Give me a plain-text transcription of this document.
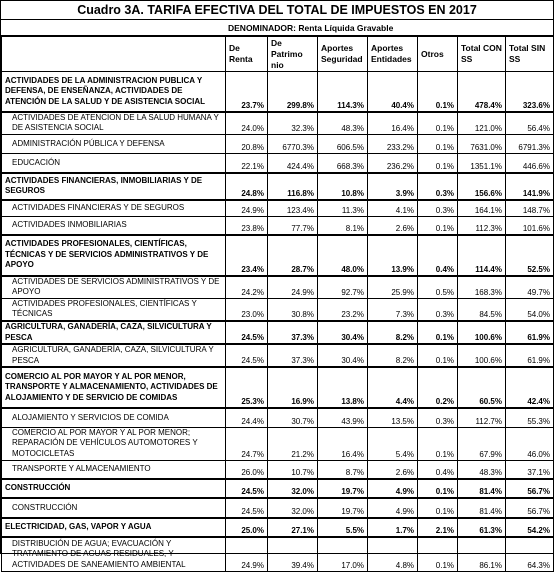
Cuadro 3A. TARIFA EFECTIVA DEL TOTAL DE IMPUESTOS EN 2017
DENOMINADOR: Renta Líquida Gravable
	De Renta	De Patrimo nio	Aportes Seguridad	Aportes Entidades	Otros	Total CON SS	Total SIN SS
ACTIVIDADES DE LA ADMINISTRACION PUBLICA Y DEFENSA, DE ENSEÑANZA, ACTIVIDADES DE ATENCIÓN DE LA SALUD Y DE ASISTENCIA SOCIAL	23.7%	299.8%	114.3%	40.4%	0.1%	478.4%	323.6%
ACTIVIDADES DE ATENCION DE LA SALUD HUMANA Y DE ASISTENCIA SOCIAL	24.0%	32.3%	48.3%	16.4%	0.1%	121.0%	56.4%
ADMINISTRACIÓN PÚBLICA Y DEFENSA	20.8%	6770.3%	606.5%	233.2%	0.1%	7631.0%	6791.3%
EDUCACIÓN	22.1%	424.4%	668.3%	236.2%	0.1%	1351.1%	446.6%
ACTIVIDADES FINANCIERAS, INMOBILIARIAS Y DE SEGUROS	24.8%	116.8%	10.8%	3.9%	0.3%	156.6%	141.9%
ACTIVIDADES FINANCIERAS Y DE SEGUROS	24.9%	123.4%	11.3%	4.1%	0.3%	164.1%	148.7%
ACTIVIDADES INMOBILIARIAS	23.8%	77.7%	8.1%	2.6%	0.1%	112.3%	101.6%
ACTIVIDADES PROFESIONALES, CIENTÍFICAS, TÉCNICAS Y DE SERVICIOS ADMINISTRATIVOS Y DE APOYO	23.4%	28.7%	48.0%	13.9%	0.4%	114.4%	52.5%
ACTIVIDADES DE SERVICIOS ADMINISTRATIVOS Y DE APOYO	24.2%	24.9%	92.7%	25.9%	0.5%	168.3%	49.7%
ACTIVIDADES PROFESIONALES, CIENTÍFICAS Y TÉCNICAS	23.0%	30.8%	23.2%	7.3%	0.3%	84.5%	54.0%
AGRICULTURA, GANADERÍA, CAZA, SILVICULTURA Y PESCA	24.5%	37.3%	30.4%	8.2%	0.1%	100.6%	61.9%
AGRICULTURA, GANADERÍA, CAZA, SILVICULTURA Y PESCA	24.5%	37.3%	30.4%	8.2%	0.1%	100.6%	61.9%
COMERCIO AL POR MAYOR Y AL POR MENOR, TRANSPORTE Y ALMACENAMIENTO, ACTIVIDADES DE ALOJAMIENTO Y DE SERVICIO DE COMIDAS	25.3%	16.9%	13.8%	4.4%	0.2%	60.5%	42.4%
ALOJAMIENTO Y SERVICIOS DE COMIDA	24.4%	30.7%	43.9%	13.5%	0.3%	112.7%	55.3%
COMERCIO AL POR MAYOR Y AL POR MENOR; REPARACIÓN DE VEHÍCULOS AUTOMOTORES Y MOTOCICLETAS	24.7%	21.2%	16.4%	5.4%	0.1%	67.9%	46.0%
TRANSPORTE Y ALMACENAMIENTO	26.0%	10.7%	8.7%	2.6%	0.4%	48.3%	37.1%
CONSTRUCCIÓN	24.5%	32.0%	19.7%	4.9%	0.1%	81.4%	56.7%
CONSTRUCCIÓN	24.5%	32.0%	19.7%	4.9%	0.1%	81.4%	56.7%
ELECTRICIDAD, GAS, VAPOR Y AGUA	25.0%	27.1%	5.5%	1.7%	2.1%	61.3%	54.2%
DISTRIBUCIÓN DE AGUA; EVACUACIÓN Y TRATAMIENTO DE AGUAS RESIDUALES, Y ACTIVIDADES DE SANEAMIENTO AMBIENTAL	24.9%	39.4%	17.0%	4.8%	0.1%	86.1%	64.3%
